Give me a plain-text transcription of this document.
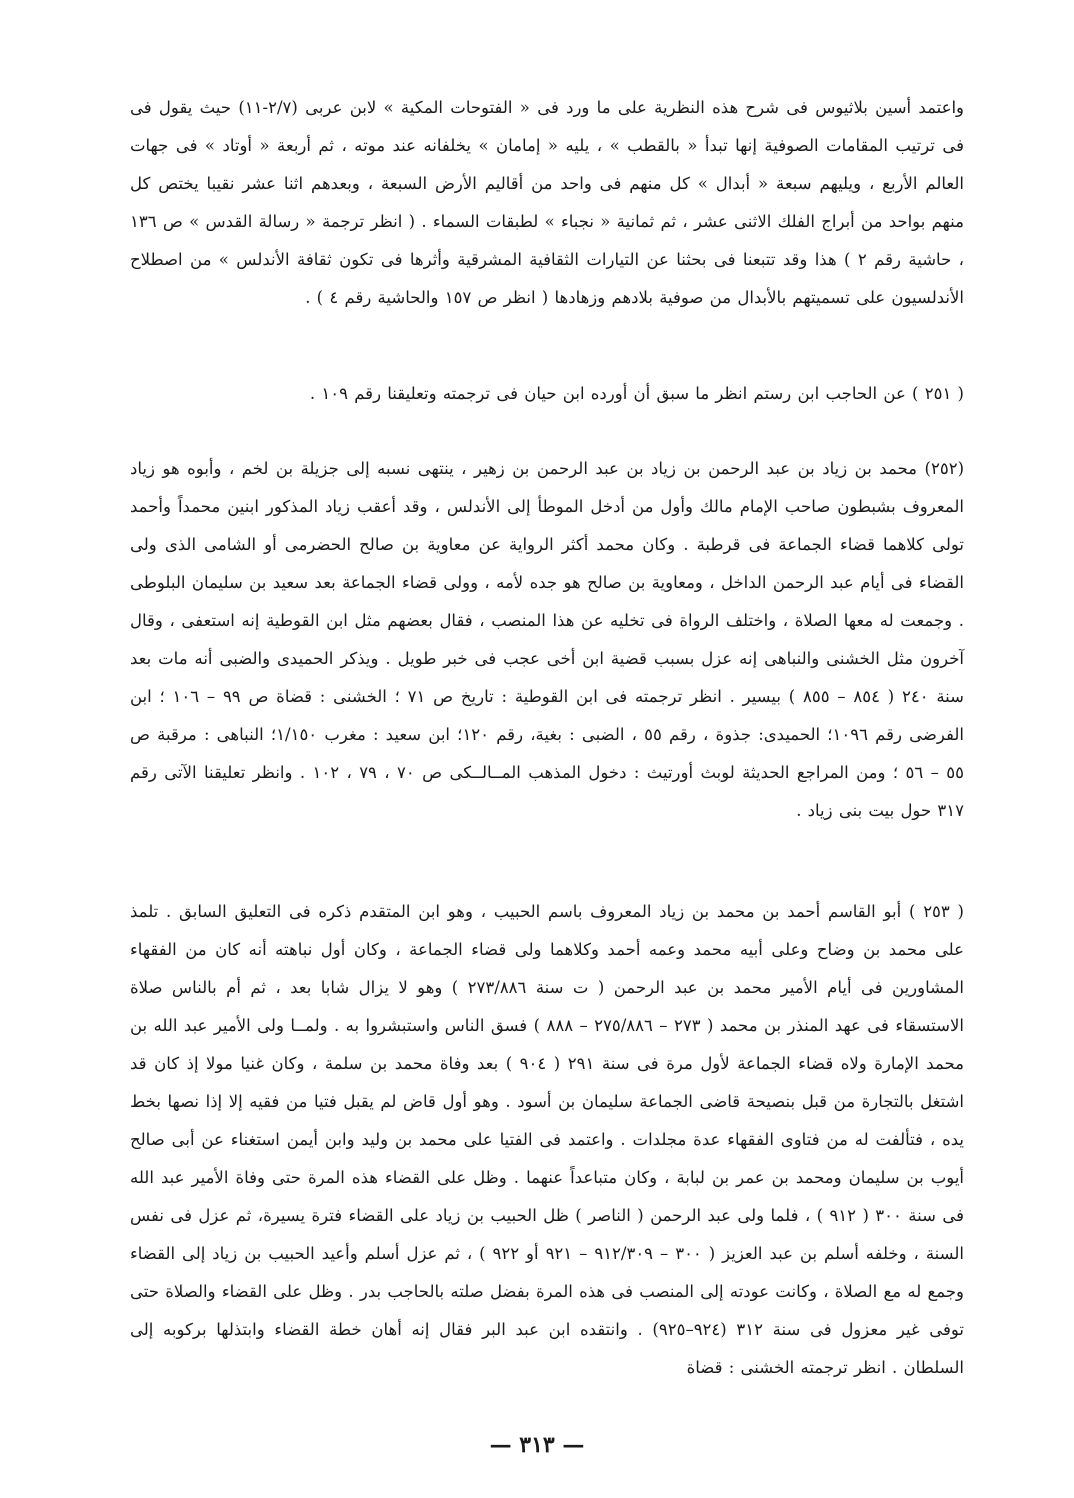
واعتمد أسين بلاثيوس فى شرح هذه النظرية على ما ورد فى « الفتوحات المكية » لابن عربى (٢/٧-١١) حيث يقول فى فى ترتيب المقامات الصوفية إنها تبدأ « بالقطب » ، يليه « إمامان » يخلفانه عند موته ، ثم أربعة « أوتاد » فى جهات العالم الأربع ، ويليهم سبعة « أبدال » كل منهم فى واحد من أقاليم الأرض السبعة ، وبعدهم اثنا عشر نقيبا يختص كل منهم بواحد من أبراج الفلك الاثنى عشر ، ثم ثمانية « نجباء » لطبقات السماء . ( انظر ترجمة « رسالة القدس » ص ١٣٦ ، حاشية رقم ٢ ) هذا وقد تتبعنا فى بحثنا عن التيارات الثقافية المشرقية وأثرها فى تكون ثقافة الأندلس » من اصطلاح الأندلسيون على تسميتهم بالأبدال من صوفية بلادهم وزهادها ( انظر ص ١٥٧ والحاشية رقم ٤ ) .

( ٢٥١ ) عن الحاجب ابن رستم انظر ما سبق أن أورده ابن حيان فى ترجمته وتعليقنا رقم ١٠٩ .

(٢٥٢) محمد بن زياد بن عبد الرحمن بن زياد بن عبد الرحمن بن زهير ، ينتهى نسبه إلى جزيلة بن لخم ، وأبوه هو زياد المعروف بشبطون صاحب الإمام مالك وأول من أدخل الموطأ إلى الأندلس ، وقد أعقب زياد المذكور ابنين محمداً وأحمد تولى كلاهما قضاء الجماعة فى قرطبة . وكان محمد أكثر الرواية عن معاوية بن صالح الحضرمى أو الشامى الذى ولى القضاء فى أيام عبد الرحمن الداخل ، ومعاوية بن صالح هو جده لأمه ، وولى قضاء الجماعة بعد سعيد بن سليمان البلوطى . وجمعت له معها الصلاة ، واختلف الرواة فى تخليه عن هذا المنصب ، فقال بعضهم مثل ابن القوطية إنه استعفى ، وقال آخرون مثل الخشنى والنباهى إنه عزل بسبب قضية ابن أخى عجب فى خبر طويل . ويذكر الحميدى والضبى أنه مات بعد سنة ٢٤٠ ( ٨٥٤ – ٨٥٥ ) بيسير . انظر ترجمته فى ابن القوطية : تاريخ ص ٧١ ؛ الخشنى : قضاة ص ٩٩ – ١٠٦ ؛ ابن الفرضى رقم ١٠٩٦؛ الحميدى: جذوة ، رقم ٥٥ ، الضبى : بغية، رقم ١٢٠؛ ابن سعيد : مغرب ١/١٥٠؛ النباهى : مرقبة ص ٥٥ – ٥٦ ؛ ومن المراجع الحديثة لوبث أورتيث : دخول المذهب المــالــكى ص ٧٠ ، ٧٩ ، ١٠٢ . وانظر تعليقنا الآتى رقم ٣١٧ حول بيت بنى زياد .

( ٢٥٣ ) أبو القاسم أحمد بن محمد بن زياد المعروف باسم الحبيب ، وهو ابن المتقدم ذكره فى التعليق السابق . تلمذ على محمد بن وضاح وعلى أبيه محمد وعمه أحمد وكلاهما ولى قضاء الجماعة ، وكان أول نباهته أنه كان من الفقهاء المشاورين فى أيام الأمير محمد بن عبد الرحمن ( ت سنة ٢٧٣/٨٨٦ ) وهو لا يزال شابا بعد ، ثم أم بالناس صلاة الاستسقاء فى عهد المنذر بن محمد ( ٢٧٣ – ٢٧٥/٨٨٦ – ٨٨٨ ) فسق الناس واستبشروا به . ولمــا ولى الأمير عبد الله بن محمد الإمارة ولاه قضاء الجماعة لأول مرة فى سنة ٢٩١ ( ٩٠٤ ) بعد وفاة محمد بن سلمة ، وكان غنيا مولا إذ كان قد اشتغل بالتجارة من قبل بنصيحة قاضى الجماعة سليمان بن أسود . وهو أول قاض لم يقبل فتيا من فقيه إلا إذا نصها بخط يده ، فتألفت له من فتاوى الفقهاء عدة مجلدات . واعتمد فى الفتيا على محمد بن وليد وابن أيمن استغناء عن أبى صالح أيوب بن سليمان ومحمد بن عمر بن لبابة ، وكان متباعداً عنهما . وظل على القضاء هذه المرة حتى وفاة الأمير عبد الله فى سنة ٣٠٠ ( ٩١٢ ) ، فلما ولى عبد الرحمن ( الناصر ) ظل الحبيب بن زياد على القضاء فترة يسيرة، ثم عزل فى نفس السنة ، وخلفه أسلم بن عبد العزيز ( ٣٠٠ – ٩١٢/٣٠٩ – ٩٢١ أو ٩٢٢ ) ، ثم عزل أسلم وأعيد الحبيب بن زياد إلى القضاء وجمع له مع الصلاة ، وكانت عودته إلى المنصب فى هذه المرة بفضل صلته بالحاجب بدر . وظل على القضاء والصلاة حتى توفى غير معزول فى سنة ٣١٢ (٩٢٤–٩٢٥) . وانتقده ابن عبد البر فقال إنه أهان خطة القضاء وابتذلها بركوبه إلى السلطان . انظر ترجمته الخشنى : قضاة

— ٣١٣ —
